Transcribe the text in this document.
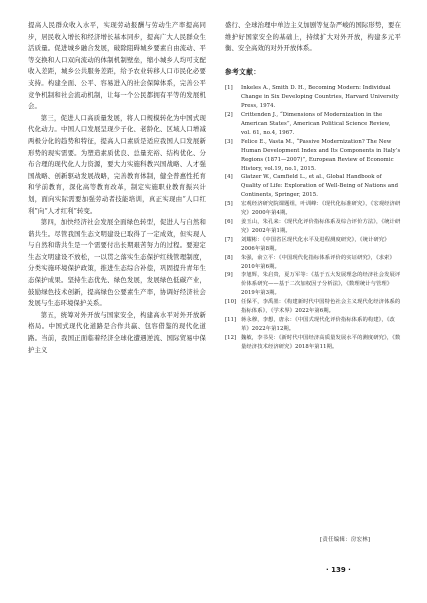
提高人民群众收入水平，实现劳动报酬与劳动生产率提高同步，居民收入增长和经济增长基本同步，提高广大人民群众生活质量。促进城乡融合发展，破除阻碍城乡要素自由流动、平等交换和人口双向流动的体制机制壁垒，缩小城乡人均可支配收入差距，城乡公共服务差距，给予农业转移人口市民化必要支持。构建全面、公平、容易进入的社会保障体系，完善公平竞争机制和社会流动机制，让每一个公民都拥有平等的发展机会。

第三，促进人口高质量发展，将人口规模转化为中国式现代化动力。中国人口发展呈现少子化、老龄化、区域人口增减两极分化的趋势和特征，提高人口素质是适应我国人口发展新形势的现实需要。为塑造素质优良、总量充裕、结构优化、分布合理的现代化人力资源，要大力实施科教兴国战略、人才强国战略、创新驱动发展战略，完善教育体制，健全普惠性托育和学前教育，深化高等教育改革，制定实施职业教育振兴计划，面向实际需要加强劳动者技能培训，真正实现由“人口红利”向“人才红利”转变。

第四，加快经济社会发展全面绿色转型，促进人与自然和谐共生。尽管我国生态文明建设已取得了一定成效，但实现人与自然和谐共生是一个需要付出长期艰苦努力的过程。要迎定生态文明建设不放松，一以贯之落实生态保护红线管理制度，分类实施环境保护政策，推进生态综合补偿，巩固提升青年生态保护成果。坚持生态优先、绿色发展，发展绿色低碳产业，鼓励绿色技术创新，提高绿色公要素生产率，协调好经济社会发展与生态环境保护关系。

第五，统筹对外开放与国家安全，构建高水平对外开放新格局。中国式现代化道路是合作共赢、包容借鉴的现代化道路。当前，我国正面临着经济全球化遭遇逆流、国际贸易中保护主义

盛行、全球治理中单边主义加剧等复杂严峻的国际形势，要在维护好国家安全的基础上，持续扩大对外开放，构建多元平衡、安全高效的对外开放体系。

参考文献：
[1]	Inkeles A., Smith D. H., Becoming Modern: Individual Change in Six Developing Countries, Harvard University Press, 1974.
[2]	Crittenden J., “Dimensions of Modernization in the American States”, American Political Science Review, vol. 61, no.4, 1967.
[3]	Felice E., Vasta M., “Passive Modernization? The New Human Development Index and Its Components in Italy’s Regions (1871—2007)”, European Review of Economic History, vol.19, no.1, 2015.
[4]	Glatzer W., Camfield L., et al., Global Handbook of Quality of Life: Exploration of Well-Being of Nations and Continents, Springer, 2015.
[5]	宏观经济研究院课题组，叶训峰：《现代化标准研究》，《宏观经济研究》2000年第4期。
[6]	姜玉山，朱孔来：《现代化评价指标体系及综合评价方法》，《统计研究》2002年第1期。
[7]	刘耀彬：《中国省区现代化水平及进程测度研究》，《统计研究》2006年第8期。
[8]	朱强，俞立平：《中国现代化指标体系评价的实证研究》，《求索》2010年第6期。
[9]	李旭辉，朱启贵，夏万军等：《基于五大发展理念的经济社会发展评价体系研究——基于二次加权因子分析法》，《数理统计与管理》2019年第3期。
[10] 任保平，李禹墨：《构建新时代中国特色社会主义现代化经济体系的指标体系》，《学术界》2022年第6期。
[11] 蒋永穆，李想，唐永：《中国式现代化评价指标体系的构建》，《改革》2022年第12期。
[12] 魏敏，李书昊：《新时代中国经济高质量发展水平的测度研究》，《数量经济技术经济研究》2018年第11期。
[责任编辑：房宏林]
· 139 ·
